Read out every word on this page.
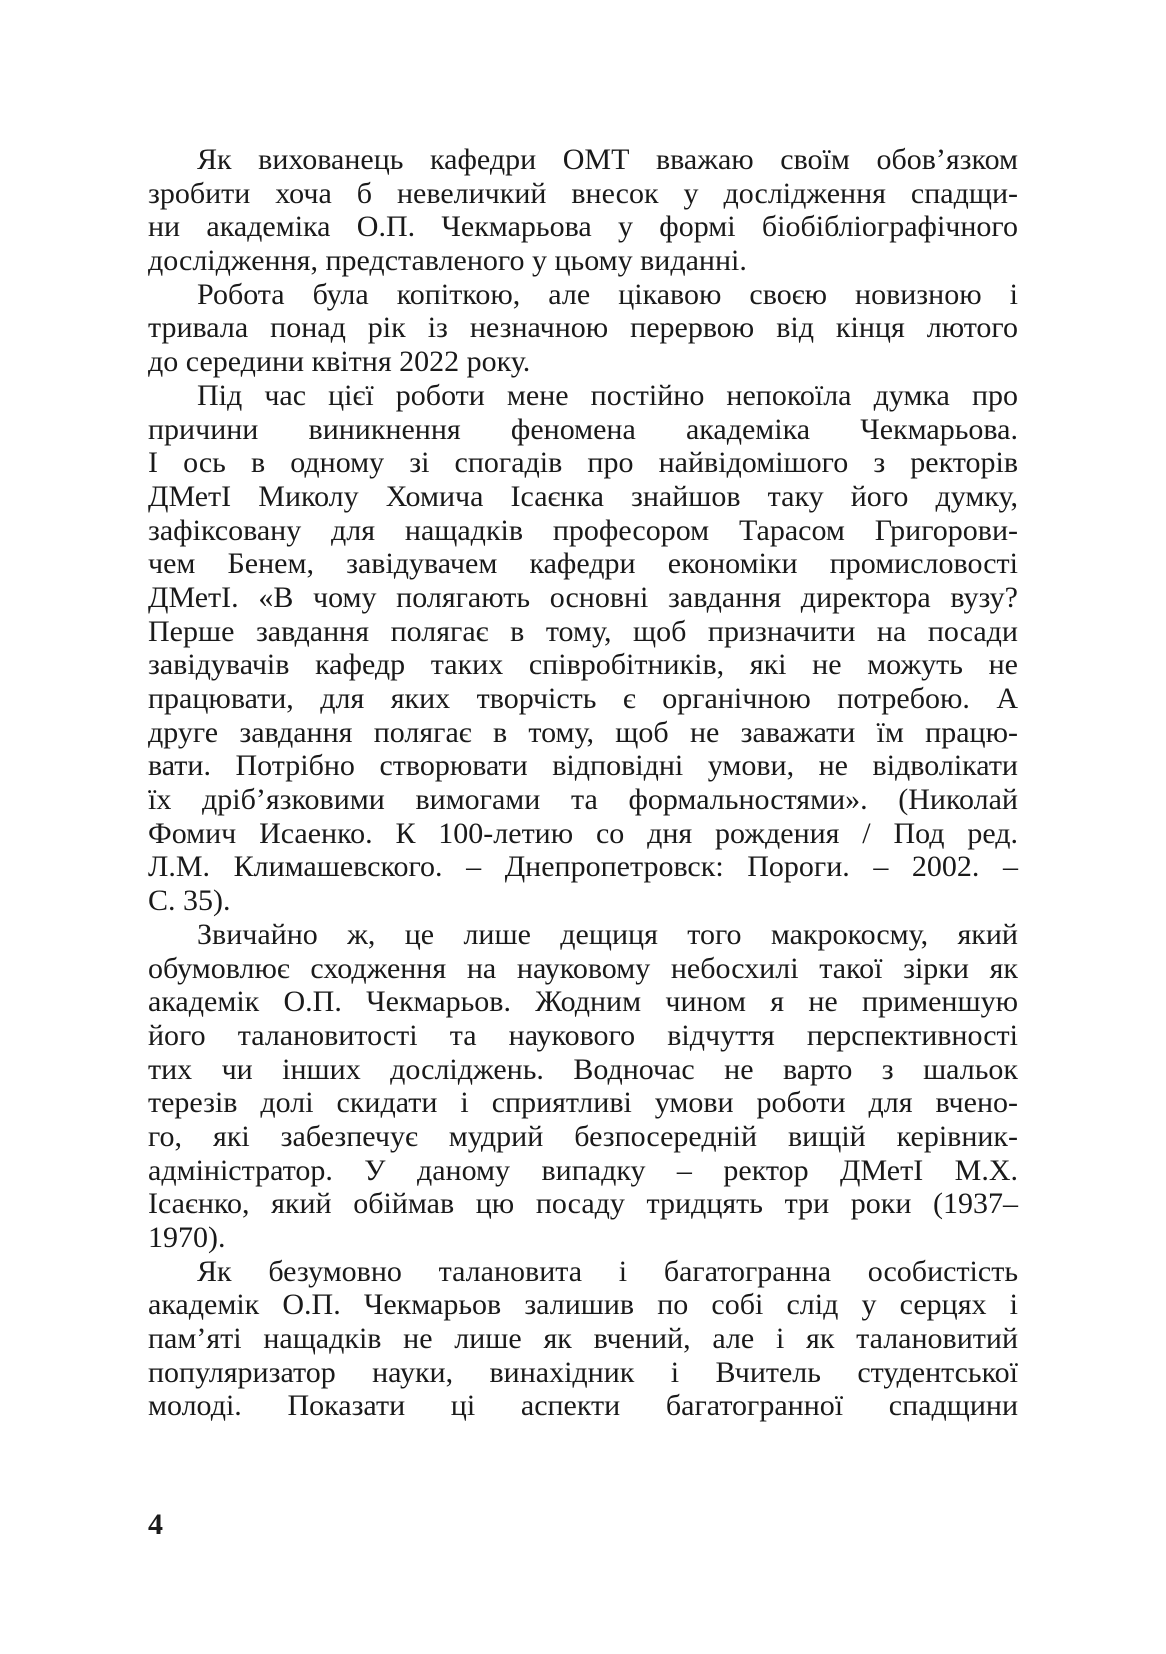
Як вихованець кафедри ОМТ вважаю своїм обов’язком
зробити хоча б невеличкий внесок у дослідження спадщи-
ни академіка О.П. Чекмарьова у формі біобібліографічного
дослідження, представленого у цьому виданні.
Робота була копіткою, але цікавою своєю новизною і
тривала понад рік із незначною перервою від кінця лютого
до середини квітня 2022 року.
Під час цієї роботи мене постійно непокоїла думка про
причини виникнення феномена академіка Чекмарьова.
І ось в одному зі спогадів про найвідомішого з ректорів
ДМетІ Миколу Хомича Ісаєнка знайшов таку його думку,
зафіксовану для нащадків професором Тарасом Григорови-
чем Бенем, завідувачем кафедри економіки промисловості
ДМетІ. «В чому полягають основні завдання директора вузу?
Перше завдання полягає в тому, щоб призначити на посади
завідувачів кафедр таких співробітників, які не можуть не
працювати, для яких творчість є органічною потребою. А
друге завдання полягає в тому, щоб не заважати їм працю-
вати. Потрібно створювати відповідні умови, не відволікати
їх дріб’язковими вимогами та формальностями». (Николай
Фомич Исаенко. К 100-летию со дня рождения / Под ред.
Л.М. Климашевского. – Днепропетровск: Пороги. – 2002. –
С. 35).
Звичайно ж, це лише дещиця того макрокосму, який
обумовлює сходження на науковому небосхилі такої зірки як
академік О.П. Чекмарьов. Жодним чином я не применшую
його талановитості та наукового відчуття перспективності
тих чи інших досліджень. Водночас не варто з шальок
терезів долі скидати і сприятливі умови роботи для вчено-
го, які забезпечує мудрий безпосередній вищій керівник-
адміністратор. У даному випадку – ректор ДМетІ М.Х.
Ісаєнко, який обіймав цю посаду тридцять три роки (1937–
1970).
Як безумовно талановита і багатогранна особистість
академік О.П. Чекмарьов залишив по собі слід у серцях і
пам’яті нащадків не лише як вчений, але і як талановитий
популяризатор науки, винахідник і Вчитель студентської
молоді. Показати ці аспекти багатогранної спадщини
4
